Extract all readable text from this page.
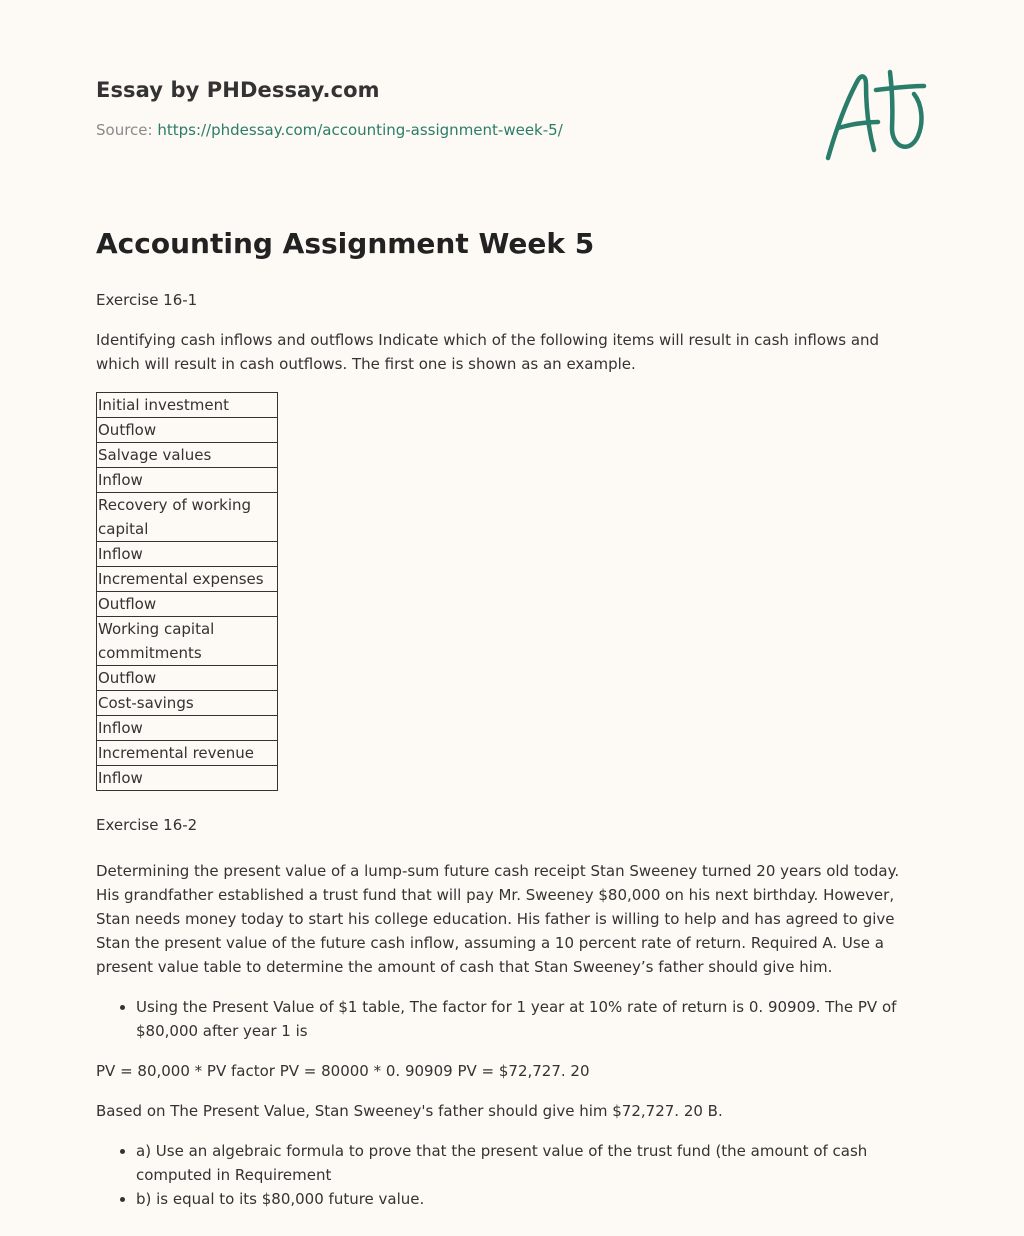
Essay by PHDessay.com

Source: https://phdessay.com/accounting-assignment-week-5/
Accounting Assignment Week 5

Exercise 16-1

Identifying cash inflows and outflows Indicate which of the following items will result in cash inflows and which will result in cash outflows. The first one is shown as an example.

Initial investment
Outflow
Salvage values
Inflow
Recovery of working capital
Inflow
Incremental expenses
Outflow
Working capital commitments
Outflow
Cost-savings
Inflow
Incremental revenue
Inflow

Exercise 16-2

Determining the present value of a lump-sum future cash receipt Stan Sweeney turned 20 years old today. His grandfather established a trust fund that will pay Mr. Sweeney $80,000 on his next birthday. However, Stan needs money today to start his college education. His father is willing to help and has agreed to give Stan the present value of the future cash inflow, assuming a 10 percent rate of return. Required A. Use a present value table to determine the amount of cash that Stan Sweeney’s father should give him.

• Using the Present Value of $1 table, The factor for 1 year at 10% rate of return is 0. 90909. The PV of $80,000 after year 1 is

PV = 80,000 * PV factor PV = 80000 * 0. 90909 PV = $72,727. 20

Based on The Present Value, Stan Sweeney's father should give him $72,727. 20 B.

• a) Use an algebraic formula to prove that the present value of the trust fund (the amount of cash computed in Requirement
• b) is equal to its $80,000 future value.
